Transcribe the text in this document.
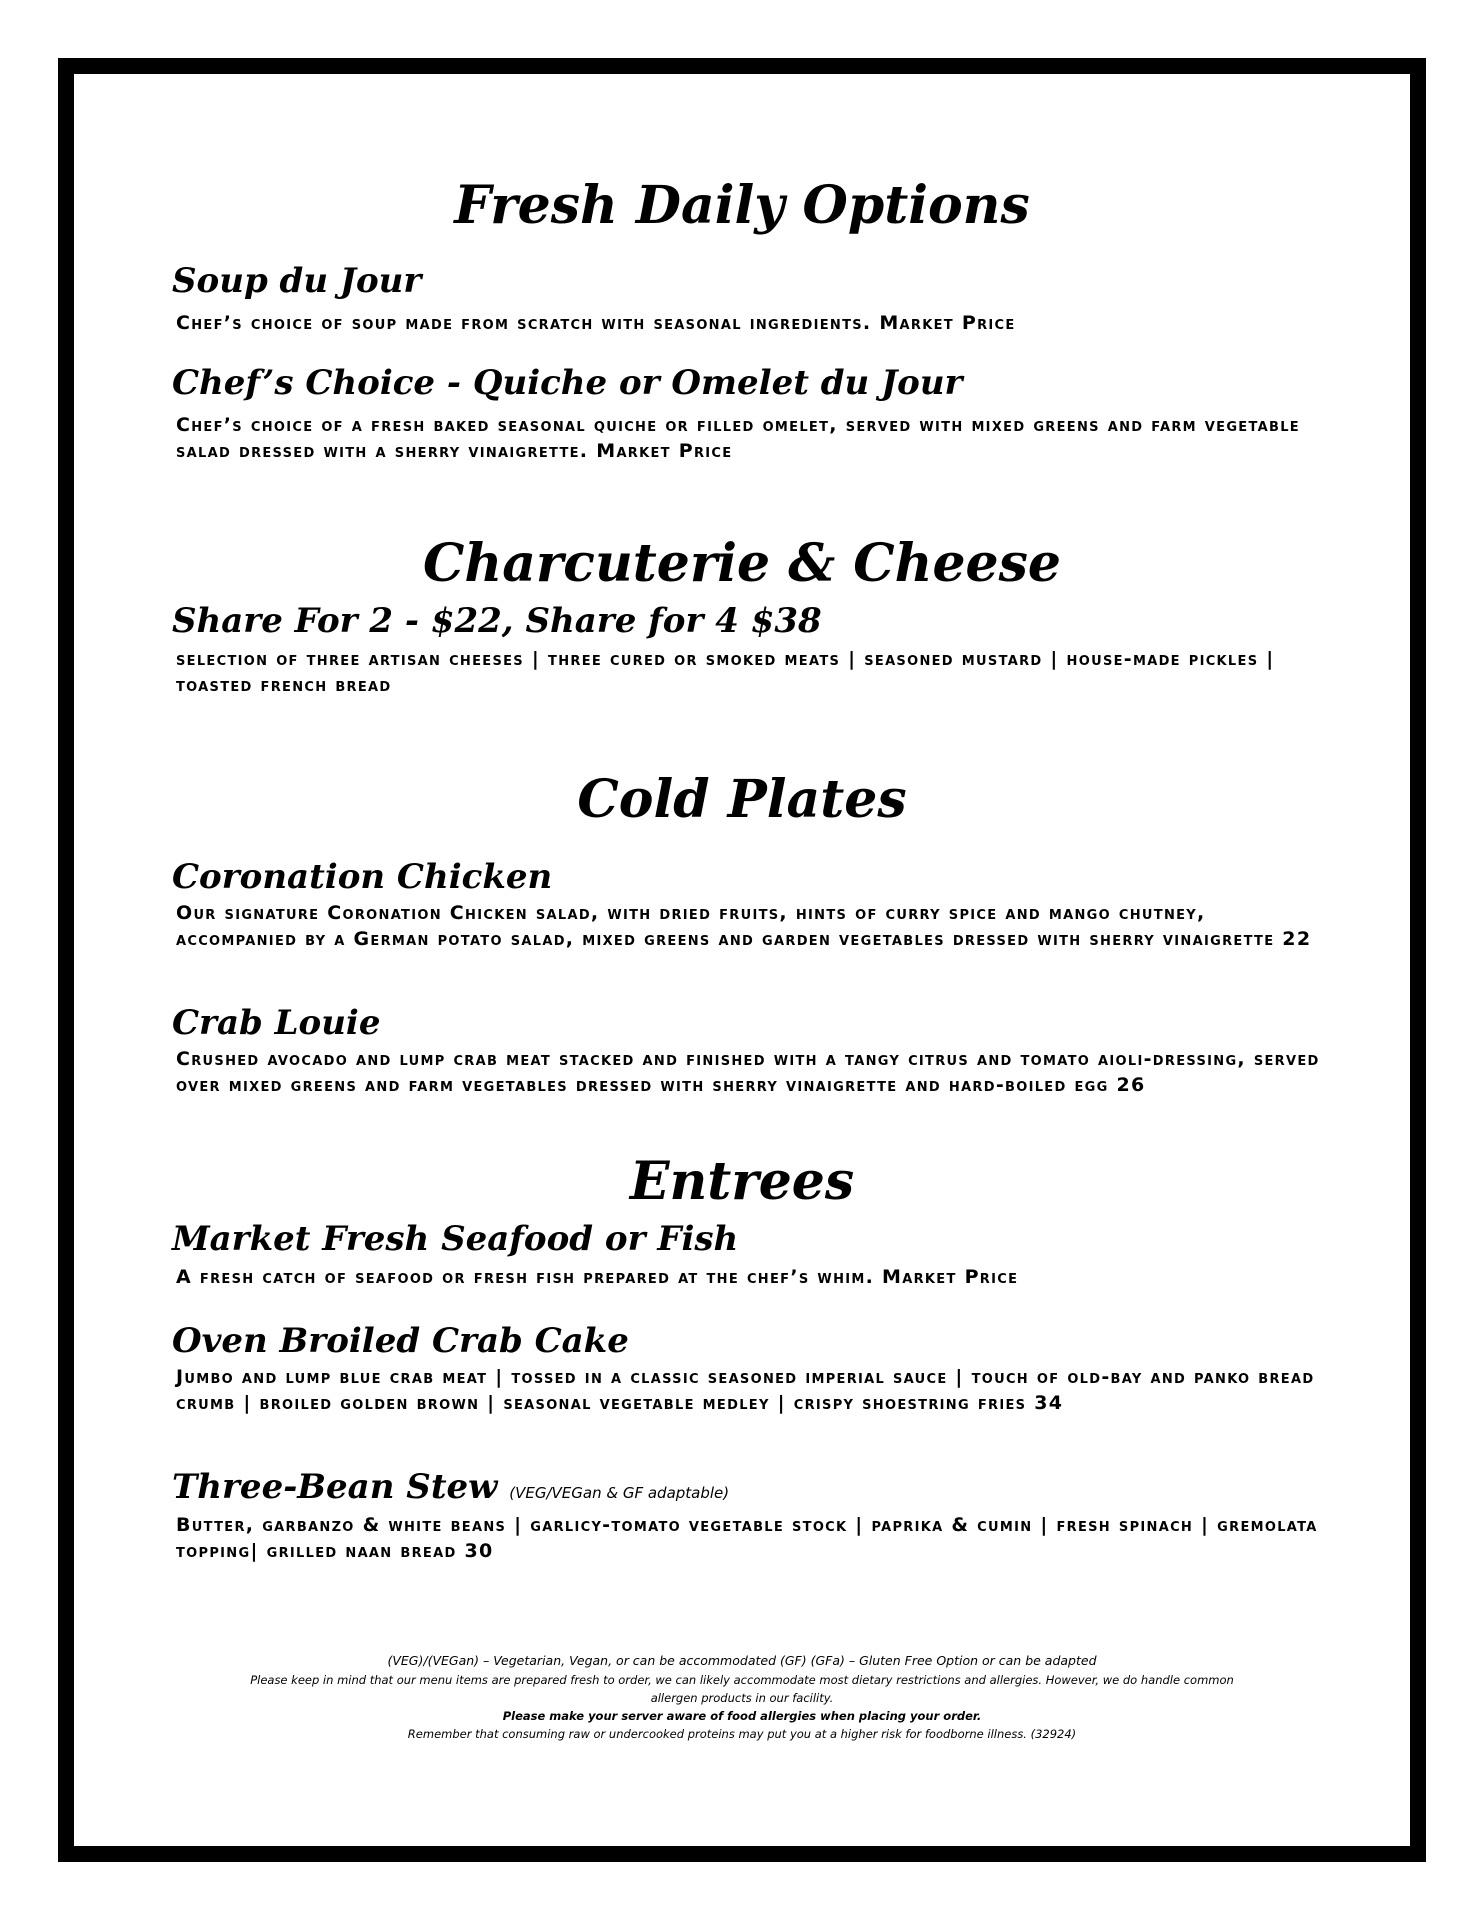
Fresh Daily Options
Soup du Jour

Chef’s choice of soup made from scratch with seasonal ingredients. Market Price

Chef’s Choice - Quiche or Omelet du Jour

Chef’s choice of a fresh baked seasonal quiche or filled omelet, served with mixed greens and farm vegetable salad dressed with a sherry vinaigrette. Market Price

Charcuterie & Cheese
Share For 2 - $22, Share for 4 $38

selection of three artisan cheeses | three cured or smoked meats | seasoned mustard | house-made pickles | toasted french bread

Cold Plates
Coronation Chicken

Our signature Coronation Chicken salad, with dried fruits, hints of curry spice and mango chutney, accompanied by a German potato salad, mixed greens and garden vegetables dressed with sherry vinaigrette 22

Crab Louie

Crushed avocado and lump crab meat stacked and finished with a tangy citrus and tomato aioli-dressing, served over mixed greens and farm vegetables dressed with sherry vinaigrette and hard-boiled egg 26

Entrees
Market Fresh Seafood or Fish

A fresh catch of seafood or fresh fish prepared at the chef’s whim. Market Price

Oven Broiled Crab Cake

Jumbo and lump blue crab meat | tossed in a classic seasoned imperial sauce | touch of old-bay and panko bread crumb | broiled golden brown | seasonal vegetable medley | crispy shoestring fries 34

Three-Bean Stew (VEG/VEGan & GF adaptable)

Butter, garbanzo & white beans | garlicy-tomato vegetable stock | paprika & cumin | fresh spinach | gremolata topping| grilled naan bread 30

(VEG)/(VEGan) – Vegetarian, Vegan, or can be accommodated (GF) (GFa) – Gluten Free Option or can be adapted

Please keep in mind that our menu items are prepared fresh to order, we can likely accommodate most dietary restrictions and allergies. However, we do handle common

allergen products in our facility.

Please make your server aware of food allergies when placing your order.

Remember that consuming raw or undercooked proteins may put you at a higher risk for foodborne illness. (32924)
